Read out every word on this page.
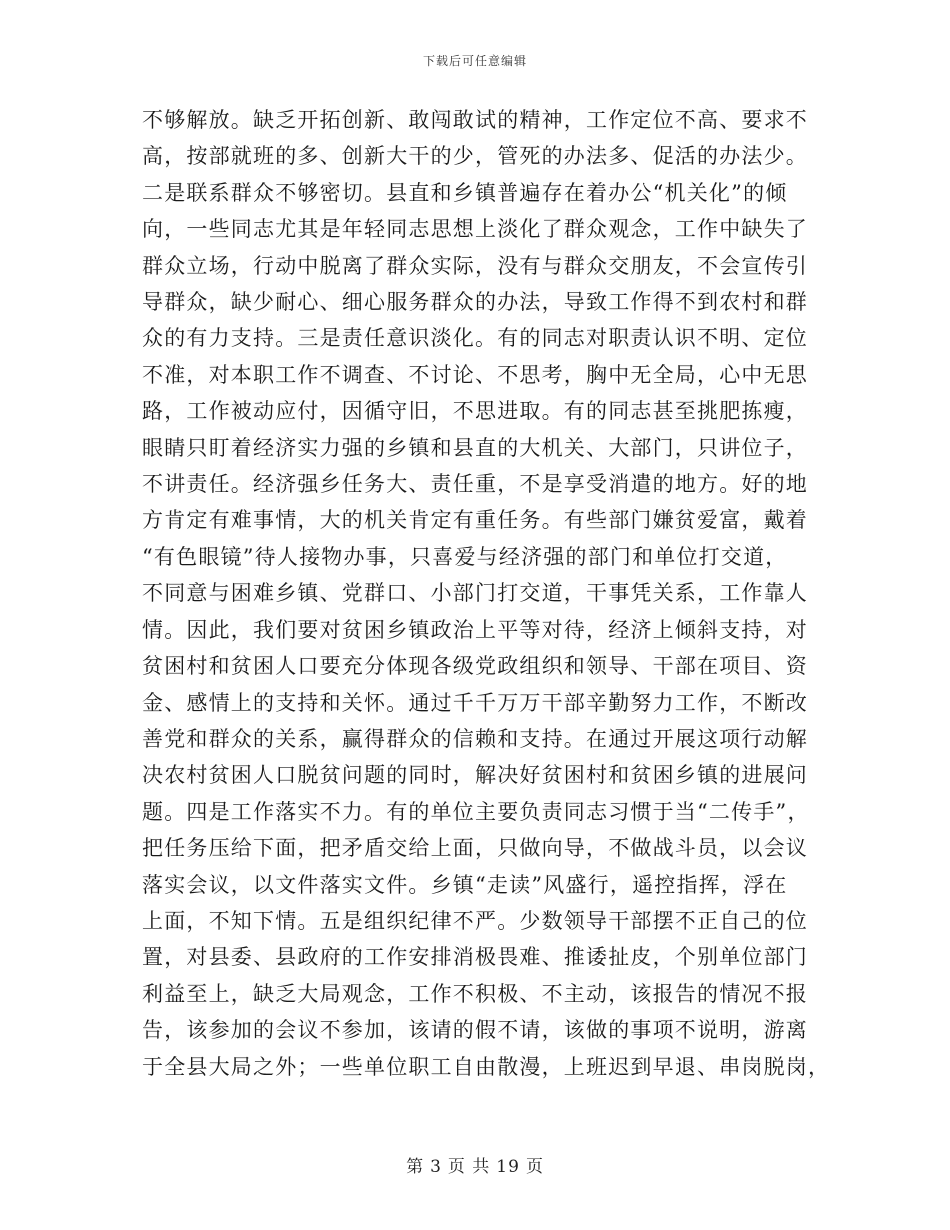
下载后可任意编辑
不够解放。缺乏开拓创新、敢闯敢试的精神，工作定位不高、要求不
高，按部就班的多、创新大干的少，管死的办法多、促活的办法少。
二是联系群众不够密切。县直和乡镇普遍存在着办公“机关化”的倾
向，一些同志尤其是年轻同志思想上淡化了群众观念，工作中缺失了
群众立场，行动中脱离了群众实际，没有与群众交朋友，不会宣传引
导群众，缺少耐心、细心服务群众的办法，导致工作得不到农村和群
众的有力支持。三是责任意识淡化。有的同志对职责认识不明、定位
不准，对本职工作不调查、不讨论、不思考，胸中无全局，心中无思
路，工作被动应付，因循守旧，不思进取。有的同志甚至挑肥拣瘦，
眼睛只盯着经济实力强的乡镇和县直的大机关、大部门，只讲位子，
不讲责任。经济强乡任务大、责任重，不是享受消遣的地方。好的地
方肯定有难事情，大的机关肯定有重任务。有些部门嫌贫爱富，戴着
“有色眼镜”待人接物办事，只喜爱与经济强的部门和单位打交道，
不同意与困难乡镇、党群口、小部门打交道，干事凭关系，工作靠人
情。因此，我们要对贫困乡镇政治上平等对待，经济上倾斜支持，对
贫困村和贫困人口要充分体现各级党政组织和领导、干部在项目、资
金、感情上的支持和关怀。通过千千万万干部辛勤努力工作，不断改
善党和群众的关系，赢得群众的信赖和支持。在通过开展这项行动解
决农村贫困人口脱贫问题的同时，解决好贫困村和贫困乡镇的进展问
题。四是工作落实不力。有的单位主要负责同志习惯于当“二传手”，
把任务压给下面，把矛盾交给上面，只做向导，不做战斗员，以会议
落实会议，以文件落实文件。乡镇“走读”风盛行，遥控指挥，浮在
上面，不知下情。五是组织纪律不严。少数领导干部摆不正自己的位
置，对县委、县政府的工作安排消极畏难、推诿扯皮，个别单位部门
利益至上，缺乏大局观念，工作不积极、不主动，该报告的情况不报
告，该参加的会议不参加，该请的假不请，该做的事项不说明，游离
于全县大局之外；一些单位职工自由散漫，上班迟到早退、串岗脱岗，
第 3 页 共 19 页
